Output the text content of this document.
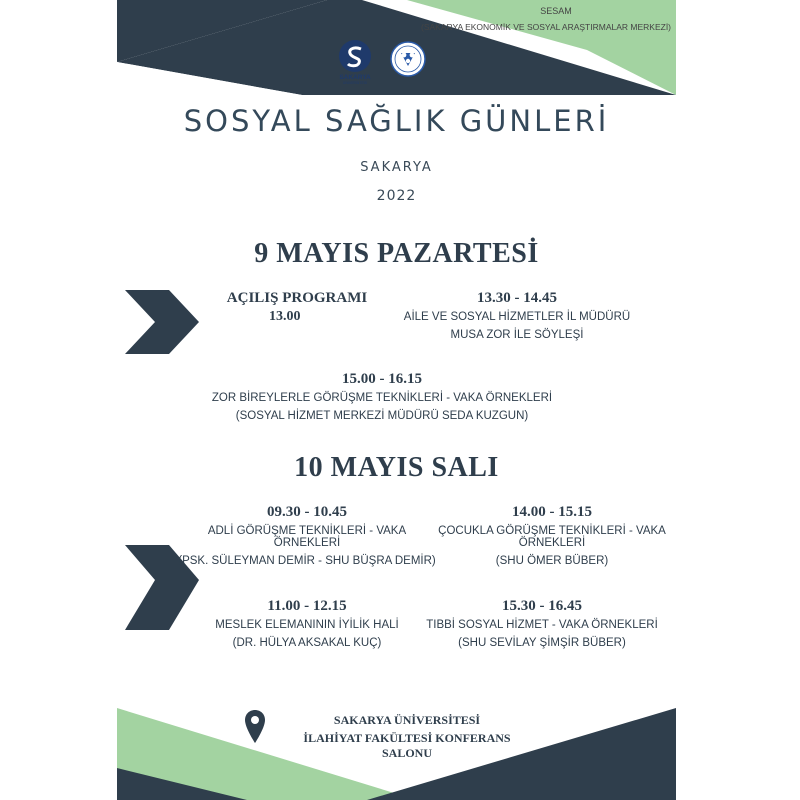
SESAM
(SAKARYA EKONOMİK VE SOSYAL ARAŞTIRMALAR MERKEZİ)
SAKARYA
ÜNİVERSİTESİ
SOSYAL SAĞLIK GÜNLERİ
SAKARYA
2022
9 MAYIS PAZARTESİ
AÇILIŞ PROGRAMI
13.00
13.30 - 14.45
AİLE VE SOSYAL HİZMETLER İL MÜDÜRÜ
MUSA ZOR İLE SÖYLEŞİ
15.00 - 16.15
ZOR BİREYLERLE GÖRÜŞME TEKNİKLERİ - VAKA ÖRNEKLERİ
(SOSYAL HİZMET MERKEZİ MÜDÜRÜ SEDA KUZGUN)
10 MAYIS SALI
09.30 - 10.45
ADLİ GÖRÜŞME TEKNİKLERİ - VAKA ÖRNEKLERİ
(PSK. SÜLEYMAN DEMİR - SHU BÜŞRA DEMİR)
14.00 - 15.15
ÇOCUKLA GÖRÜŞME TEKNİKLERİ - VAKA ÖRNEKLERİ
(SHU ÖMER BÜBER)
11.00 - 12.15
MESLEK ELEMANININ İYİLİK HALİ
(DR. HÜLYA AKSAKAL KUÇ)
15.30 - 16.45
TIBBİ SOSYAL HİZMET - VAKA ÖRNEKLERİ
(SHU SEVİLAY ŞİMŞİR BÜBER)
SAKARYA ÜNİVERSİTESİ
İLAHİYAT FAKÜLTESİ KONFERANS SALONU
